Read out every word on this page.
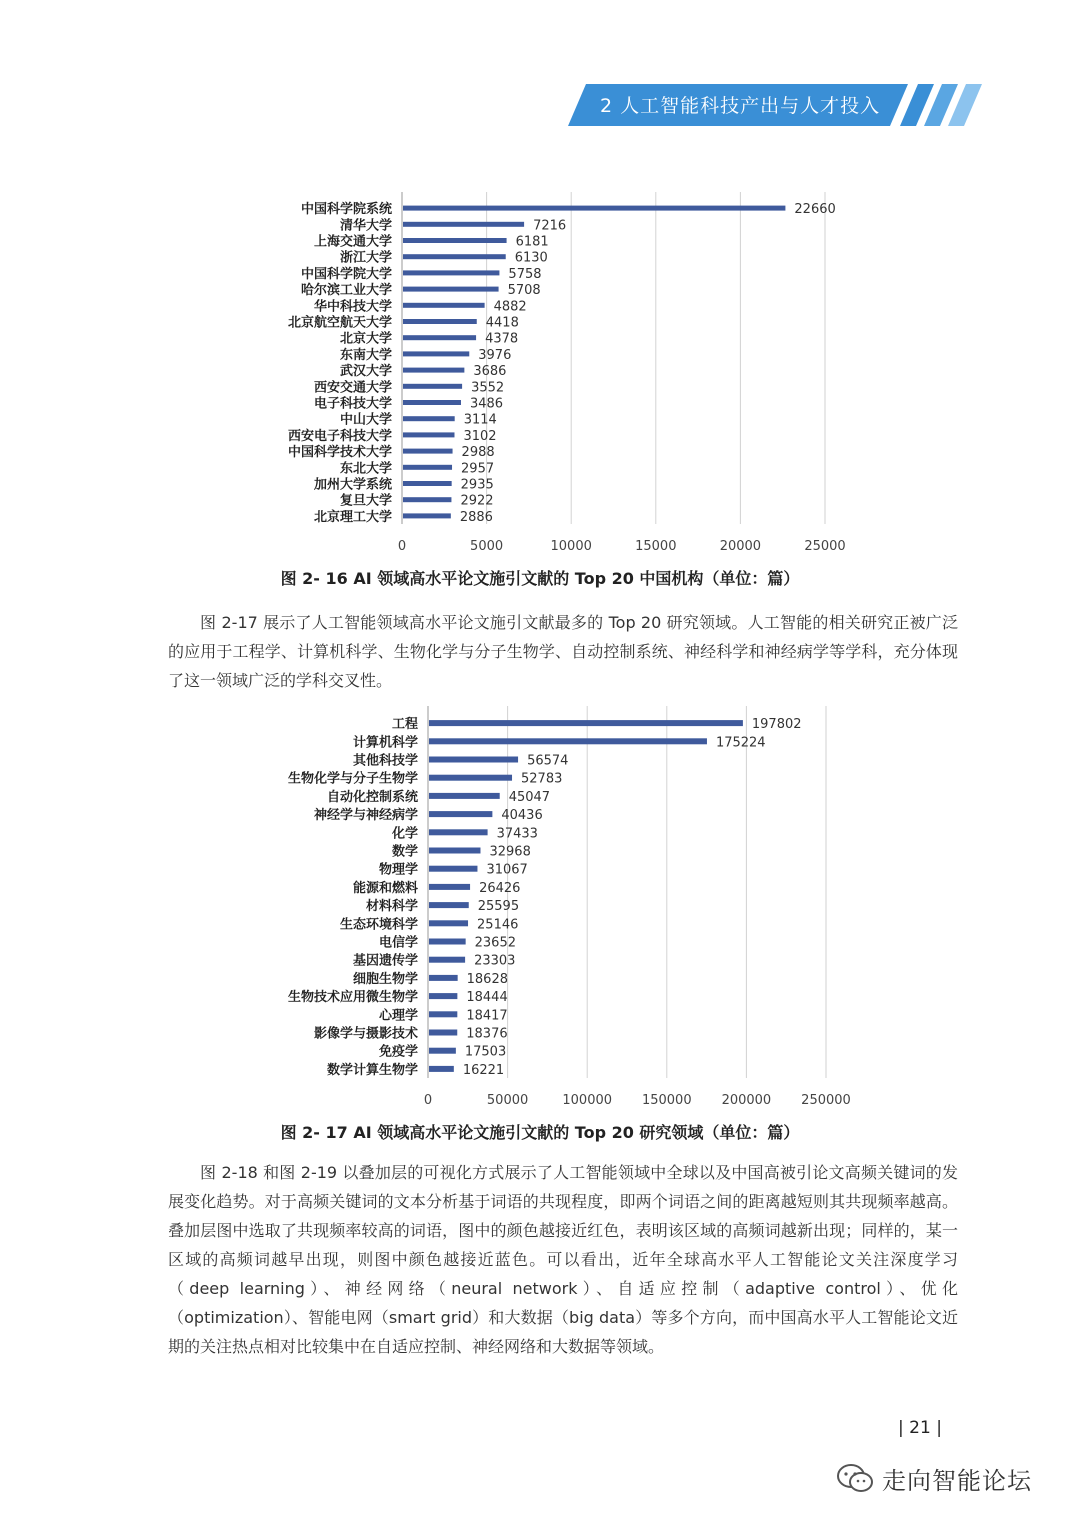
2 人工智能科技产出与人才投入
0	5000	10000	15000	20000	25000
中国科学院系统	22660
清华大学	7216
上海交通大学	6181
浙江大学	6130
中国科学院大学	5758
哈尔滨工业大学	5708
华中科技大学	4882
北京航空航天大学	4418
北京大学	4378
东南大学	3976
武汉大学	3686
西安交通大学	3552
电子科技大学	3486
中山大学	3114
西安电子科技大学	3102
中国科学技术大学	2988
东北大学	2957
加州大学系统	2935
复旦大学	2922
北京理工大学	2886
图 2- 16 AI 领域高水平论文施引文献的 Top 20 中国机构（单位：篇）

图 2-17 展示了人工智能领域高水平论文施引文献最多的 Top 20 研究领域。人工智能的相关研究正被广泛的应用于工程学、计算机科学、生物化学与分子生物学、自动控制系统、神经科学和神经病学等学科，充分体现了这一领域广泛的学科交叉性。

0	50000	100000 150000 200000 250000
工程	197802
计算机科学	175224
其他科技学	56574
生物化学与分子生物学	52783
自动化控制系统	45047
神经学与神经病学	40436
化学	37433
数学	32968
物理学	31067
能源和燃料	26426
材料科学	25595
生态环境科学	25146
电信学	23652
基因遗传学	23303
细胞生物学	18628
生物技术应用微生物学	18444
心理学	18417
影像学与摄影技术	18376
免疫学	17503
数学计算生物学	16221
图 2- 17 AI 领域高水平论文施引文献的 Top 20 研究领域（单位：篇）

图 2-18 和图 2-19 以叠加层的可视化方式展示了人工智能领域中全球以及中国高被引论文高频关键词的发展变化趋势。对于高频关键词的文本分析基于词语的共现程度，即两个词语之间的距离越短则其共现频率越高。叠加层图中选取了共现频率较高的词语，图中的颜色越接近红色，表明该区域的高频词越新出现；同样的，某一区域的高频词越早出现，则图中颜色越接近蓝色。可以看出，近年全球高水平人工智能论文关注深度学习（deep learning）、神经网络（neural network）、自适应控制（adaptive control）、优化（optimization）、智能电网（smart grid）和大数据（big data）等多个方向，而中国高水平人工智能论文近期的关注热点相对比较集中在自适应控制、神经网络和大数据等领域。

| 21 |
走向智能论坛
